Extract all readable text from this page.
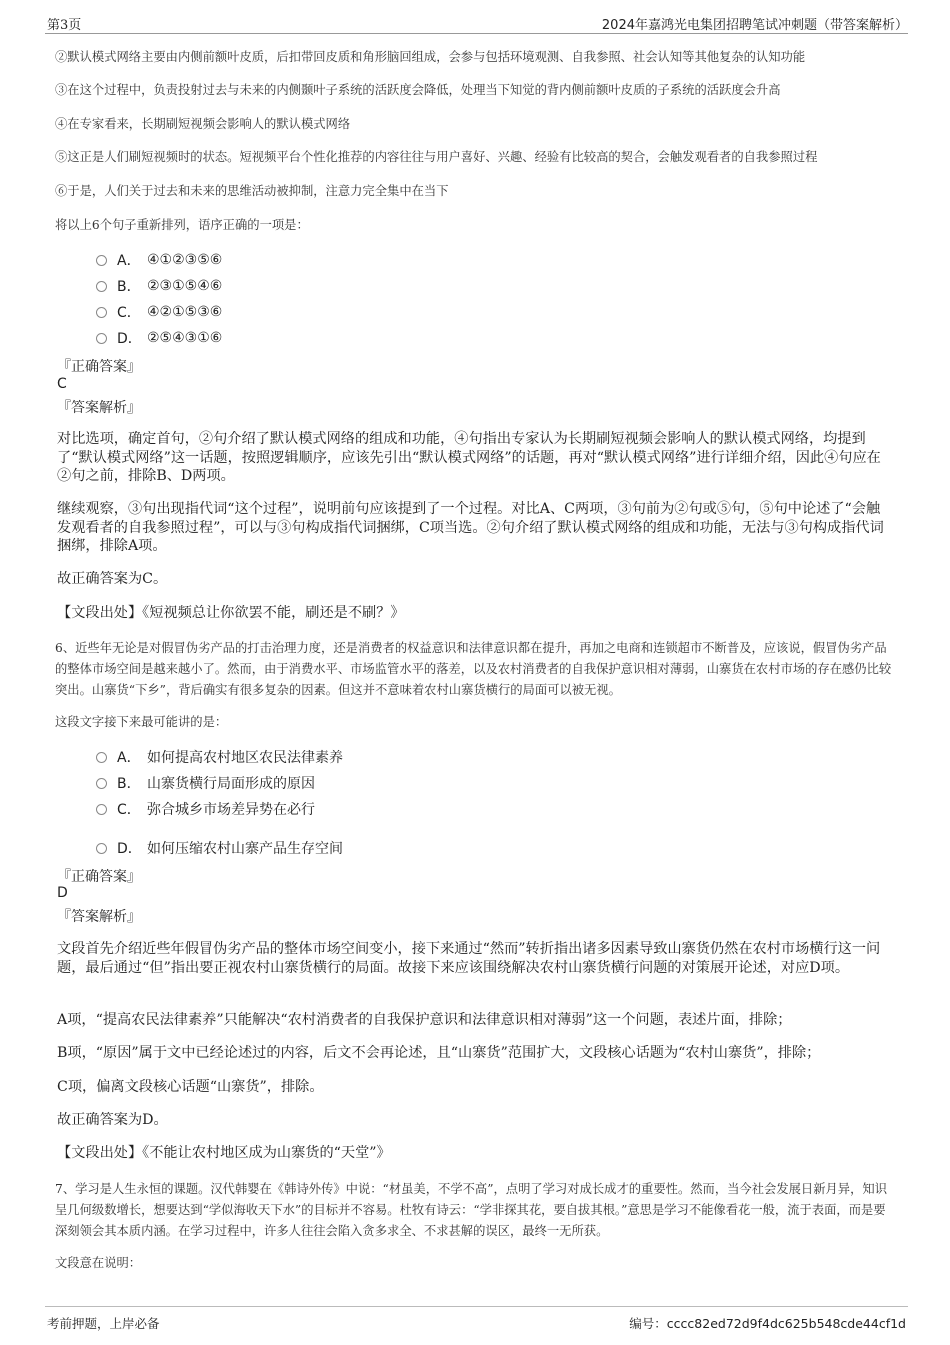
第3页	2024年嘉鸿光电集团招聘笔试冲刺题（带答案解析）
②默认模式网络主要由内侧前额叶皮质，后扣带回皮质和角形脑回组成，会参与包括环境观测、自我参照、社会认知等其他复杂的认知功能
③在这个过程中，负责投射过去与未来的内侧颞叶子系统的活跃度会降低，处理当下知觉的背内侧前额叶皮质的子系统的活跃度会升高
④在专家看来，长期刷短视频会影响人的默认模式网络
⑤这正是人们刷短视频时的状态。短视频平台个性化推荐的内容往往与用户喜好、兴趣、经验有比较高的契合，会触发观看者的自我参照过程
⑥于是，人们关于过去和未来的思维活动被抑制，注意力完全集中在当下
将以上6个句子重新排列，语序正确的一项是：
A． ④①②③⑤⑥
B． ②③①⑤④⑥
C． ④②①⑤③⑥
D． ②⑤④③①⑥
『正确答案』
C
『答案解析』
对比选项，确定首句，②句介绍了默认模式网络的组成和功能，④句指出专家认为长期刷短视频会影响人的默认模式网络，均提到了“默认模式网络”这一话题，按照逻辑顺序，应该先引出“默认模式网络”的话题，再对“默认模式网络”进行详细介绍，因此④句应在②句之前，排除B、D两项。
继续观察，③句出现指代词“这个过程”，说明前句应该提到了一个过程。对比A、C两项，③句前为②句或⑤句，⑤句中论述了“会触发观看者的自我参照过程”，可以与③句构成指代词捆绑，C项当选。②句介绍了默认模式网络的组成和功能，无法与③句构成指代词捆绑，排除A项。
故正确答案为C。
【文段出处】《短视频总让你欲罢不能，刷还是不刷？》
6、近些年无论是对假冒伪劣产品的打击治理力度，还是消费者的权益意识和法律意识都在提升，再加之电商和连锁超市不断普及，应该说，假冒伪劣产品的整体市场空间是越来越小了。然而，由于消费水平、市场监管水平的落差，以及农村消费者的自我保护意识相对薄弱，山寨货在农村市场的存在感仍比较突出。山寨货“下乡”，背后确实有很多复杂的因素。但这并不意味着农村山寨货横行的局面可以被无视。
这段文字接下来最可能讲的是：
A． 如何提高农村地区农民法律素养
B． 山寨货横行局面形成的原因
C． 弥合城乡市场差异势在必行
D． 如何压缩农村山寨产品生存空间
『正确答案』
D
『答案解析』
文段首先介绍近些年假冒伪劣产品的整体市场空间变小，接下来通过“然而”转折指出诸多因素导致山寨货仍然在农村市场横行这一问题，最后通过“但”指出要正视农村山寨货横行的局面。故接下来应该围绕解决农村山寨货横行问题的对策展开论述，对应D项。
A项，“提高农民法律素养”只能解决“农村消费者的自我保护意识和法律意识相对薄弱”这一个问题，表述片面，排除；
B项，“原因”属于文中已经论述过的内容，后文不会再论述，且“山寨货”范围扩大，文段核心话题为“农村山寨货”，排除；
C项，偏离文段核心话题“山寨货”，排除。
故正确答案为D。
【文段出处】《不能让农村地区成为山寨货的“天堂”》
7、学习是人生永恒的课题。汉代韩婴在《韩诗外传》中说：“材虽美，不学不高”，点明了学习对成长成才的重要性。然而，当今社会发展日新月异，知识呈几何级数增长，想要达到“学似海收天下水”的目标并不容易。杜牧有诗云：“学非探其花，要自拔其根。”意思是学习不能像看花一般，流于表面，而是要深刻领会其本质内涵。在学习过程中，许多人往往会陷入贪多求全、不求甚解的误区，最终一无所获。
文段意在说明：
考前押题，上岸必备	编号：cccc82ed72d9f4dc625b548cde44cf1d
